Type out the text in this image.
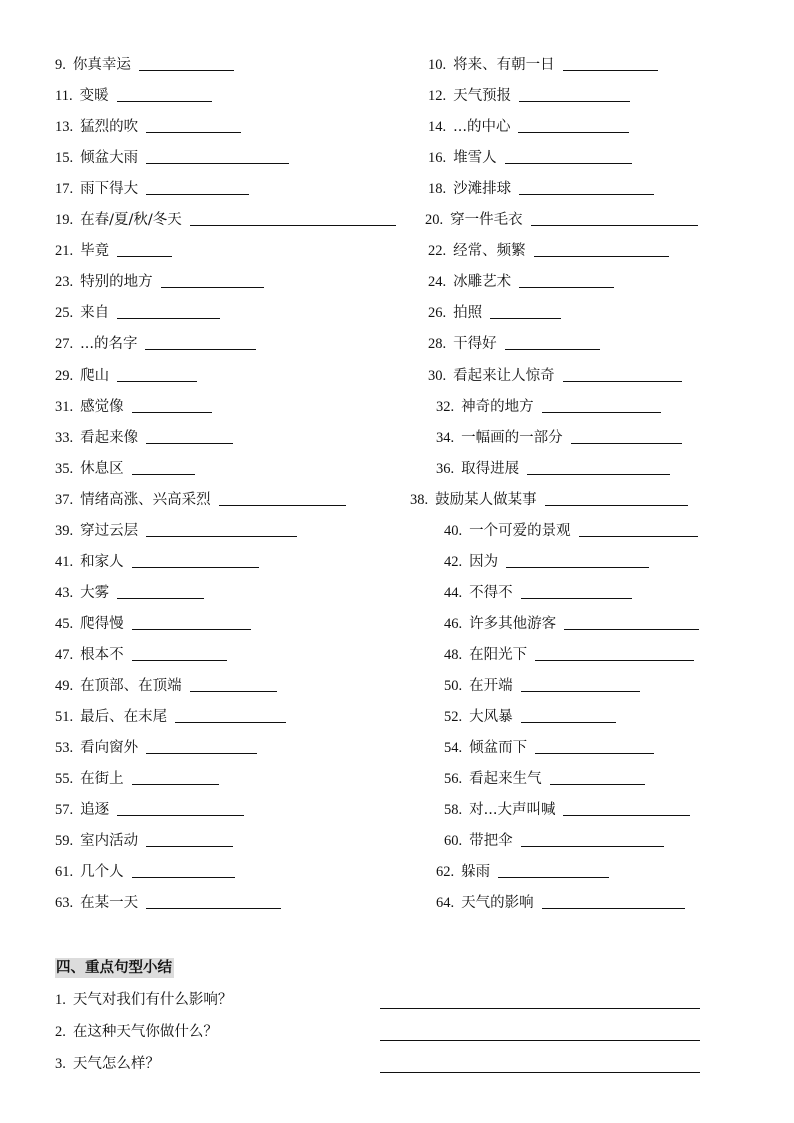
9. 你真幸运	10. 将来、有朝一日
11. 变暖	12. 天气预报
13. 猛烈的吹	14. ...的中心
15. 倾盆大雨	16. 堆雪人
17. 雨下得大	18. 沙滩排球
19. 在春/夏/秋/冬天	20. 穿一件毛衣
21. 毕竟	22. 经常、频繁
23. 特别的地方	24. 冰雕艺术
25. 来自	26. 拍照
27. ...的名字	28. 干得好
29. 爬山	30. 看起来让人惊奇
31. 感觉像	32. 神奇的地方
33. 看起来像	34. 一幅画的一部分
35. 休息区	36. 取得进展
37. 情绪高涨、兴高采烈	38. 鼓励某人做某事
39. 穿过云层	40. 一个可爱的景观
41. 和家人	42. 因为
43. 大雾	44. 不得不
45. 爬得慢	46. 许多其他游客
47. 根本不	48. 在阳光下
49. 在顶部、在顶端	50. 在开端
51. 最后、在末尾	52. 大风暴
53. 看向窗外	54. 倾盆而下
55. 在街上	56. 看起来生气
57. 追逐	58. 对...大声叫喊
59. 室内活动	60. 带把伞
61. 几个人	62. 躲雨
63. 在某一天	64. 天气的影响
四、重点句型小结
1. 天气对我们有什么影响？
2. 在这种天气你做什么？
3. 天气怎么样？
